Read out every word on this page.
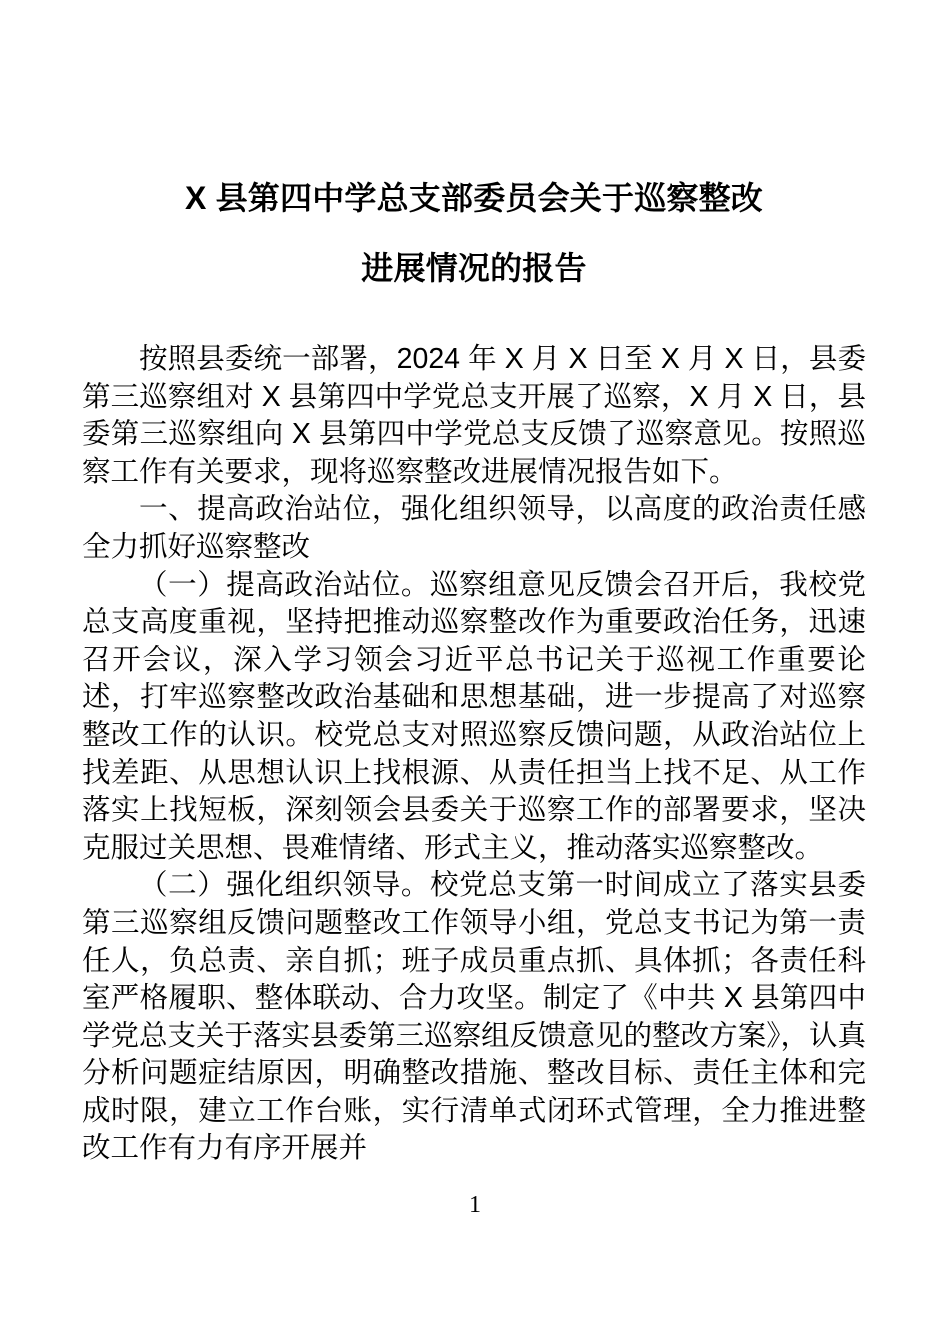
X 县第四中学总支部委员会关于巡察整改
进展情况的报告

按照县委统一部署，2024 年 X 月 X 日至 X 月 X 日，县委第三巡察组对 X 县第四中学党总支开展了巡察，X 月 X 日，县委第三巡察组向 X 县第四中学党总支反馈了巡察意见。按照巡察工作有关要求，现将巡察整改进展情况报告如下。

一、提高政治站位，强化组织领导，以高度的政治责任感全力抓好巡察整改

（一）提高政治站位。巡察组意见反馈会召开后，我校党总支高度重视，坚持把推动巡察整改作为重要政治任务，迅速召开会议，深入学习领会习近平总书记关于巡视工作重要论述，打牢巡察整改政治基础和思想基础，进一步提高了对巡察整改工作的认识。校党总支对照巡察反馈问题，从政治站位上找差距、从思想认识上找根源、从责任担当上找不足、从工作落实上找短板，深刻领会县委关于巡察工作的部署要求，坚决克服过关思想、畏难情绪、形式主义，推动落实巡察整改。

（二）强化组织领导。校党总支第一时间成立了落实县委第三巡察组反馈问题整改工作领导小组，党总支书记为第一责任人，负总责、亲自抓；班子成员重点抓、具体抓；各责任科室严格履职、整体联动、合力攻坚。制定了《中共 X 县第四中学党总支关于落实县委第三巡察组反馈意见的整改方案》，认真分析问题症结原因，明确整改措施、整改目标、责任主体和完成时限，建立工作台账，实行清单式闭环式管理，全力推进整改工作有力有序开展并

1
